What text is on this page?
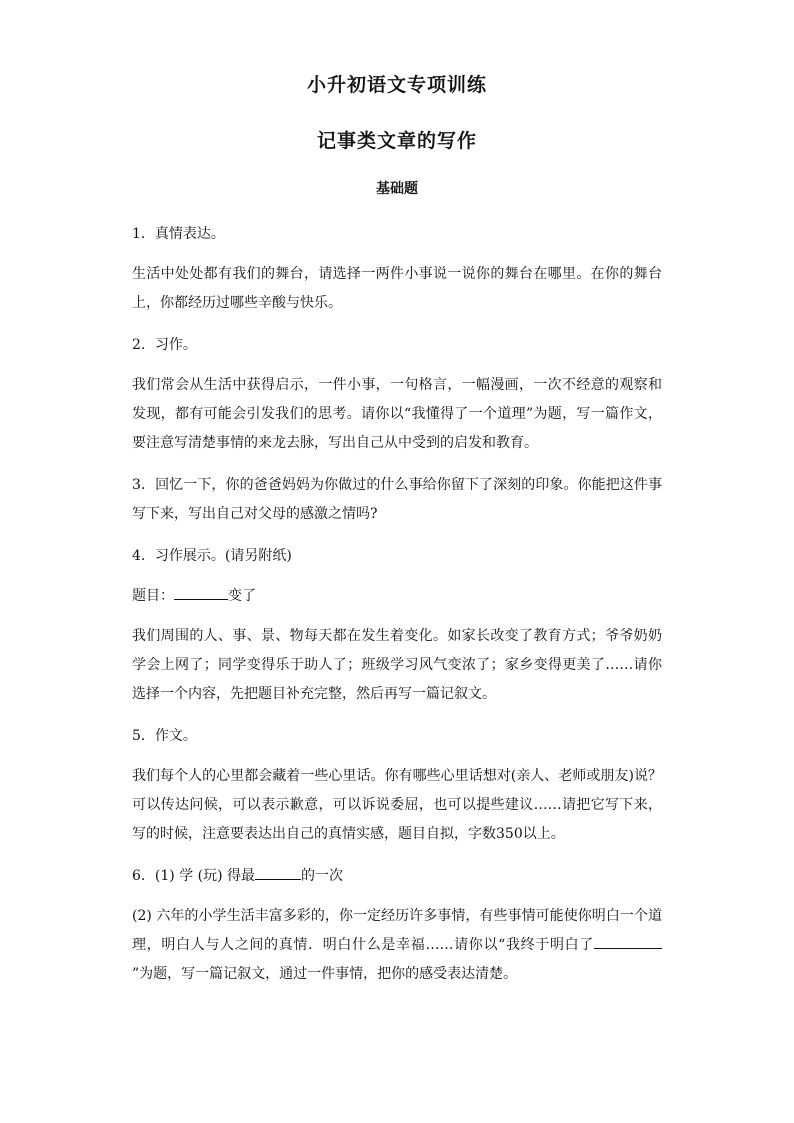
小升初语文专项训练
记事类文章的写作
基础题

1．真情表达。

生活中处处都有我们的舞台，请选择一两件小事说一说你的舞台在哪里。在你的舞台上，你都经历过哪些辛酸与快乐。

2．习作。

我们常会从生活中获得启示，一件小事，一句格言，一幅漫画，一次不经意的观察和发现，都有可能会引发我们的思考。请你以“我懂得了一个道理”为题，写一篇作文，要注意写清楚事情的来龙去脉，写出自己从中受到的启发和教育。

3．回忆一下，你的爸爸妈妈为你做过的什么事给你留下了深刻的印象。你能把这件事写下来，写出自己对父母的感激之情吗?

4．习作展示。(请另附纸)

题目：	变了

我们周围的人、事、景、物每天都在发生着变化。如家长改变了教育方式；爷爷奶奶学会上网了；同学变得乐于助人了；班级学习风气变浓了；家乡变得更美了……请你选择一个内容，先把题目补充完整，然后再写一篇记叙文。

5．作文。

我们每个人的心里都会藏着一些心里话。你有哪些心里话想对(亲人、老师或朋友)说？可以传达问候，可以表示歉意，可以诉说委屈，也可以提些建议……请把它写下来，写的时候，注意要表达出自己的真情实感，题目自拟，字数350以上。

6．(1) 学 (玩) 得最	的一次

(2) 六年的小学生活丰富多彩的，你一定经历许多事情，有些事情可能使你明白一个道理，明白人与人之间的真情．明白什么是幸福……请你以“我终于明白了”为题，写一篇记叙文，通过一件事情，把你的感受表达清楚。
